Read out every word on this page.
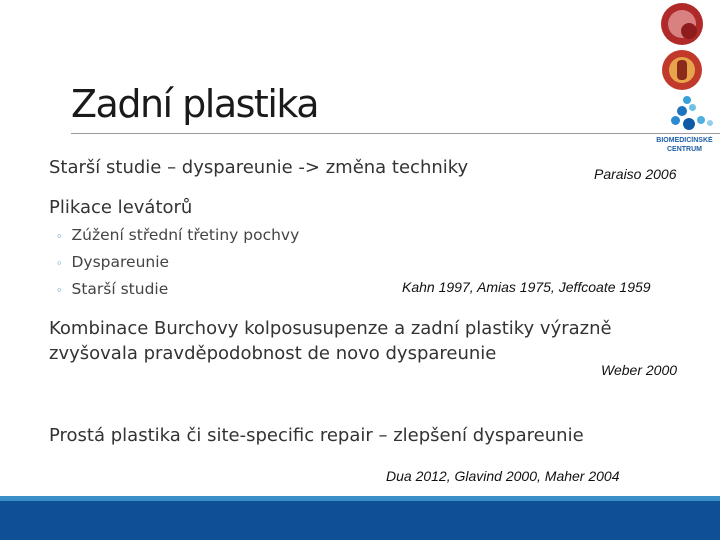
BIOMEDICÍNSKÉ
CENTRUM
Zadní plastika
Starší studie – dyspareunie -> změna techniky	Paraiso 2006
Plikace levátorů
◦ Zúžení střední třetiny pochvy
◦ Dyspareunie
◦ Starší studie	Kahn 1997, Amias 1975, Jeffcoate 1959
Kombinace Burchovy kolposusupenze a zadní plastiky výrazně
zvyšovala pravděpodobnost de novo dyspareunie
Weber 2000
Prostá plastika či site-specific repair – zlepšení dyspareunie
Dua 2012, Glavind 2000, Maher 2004
